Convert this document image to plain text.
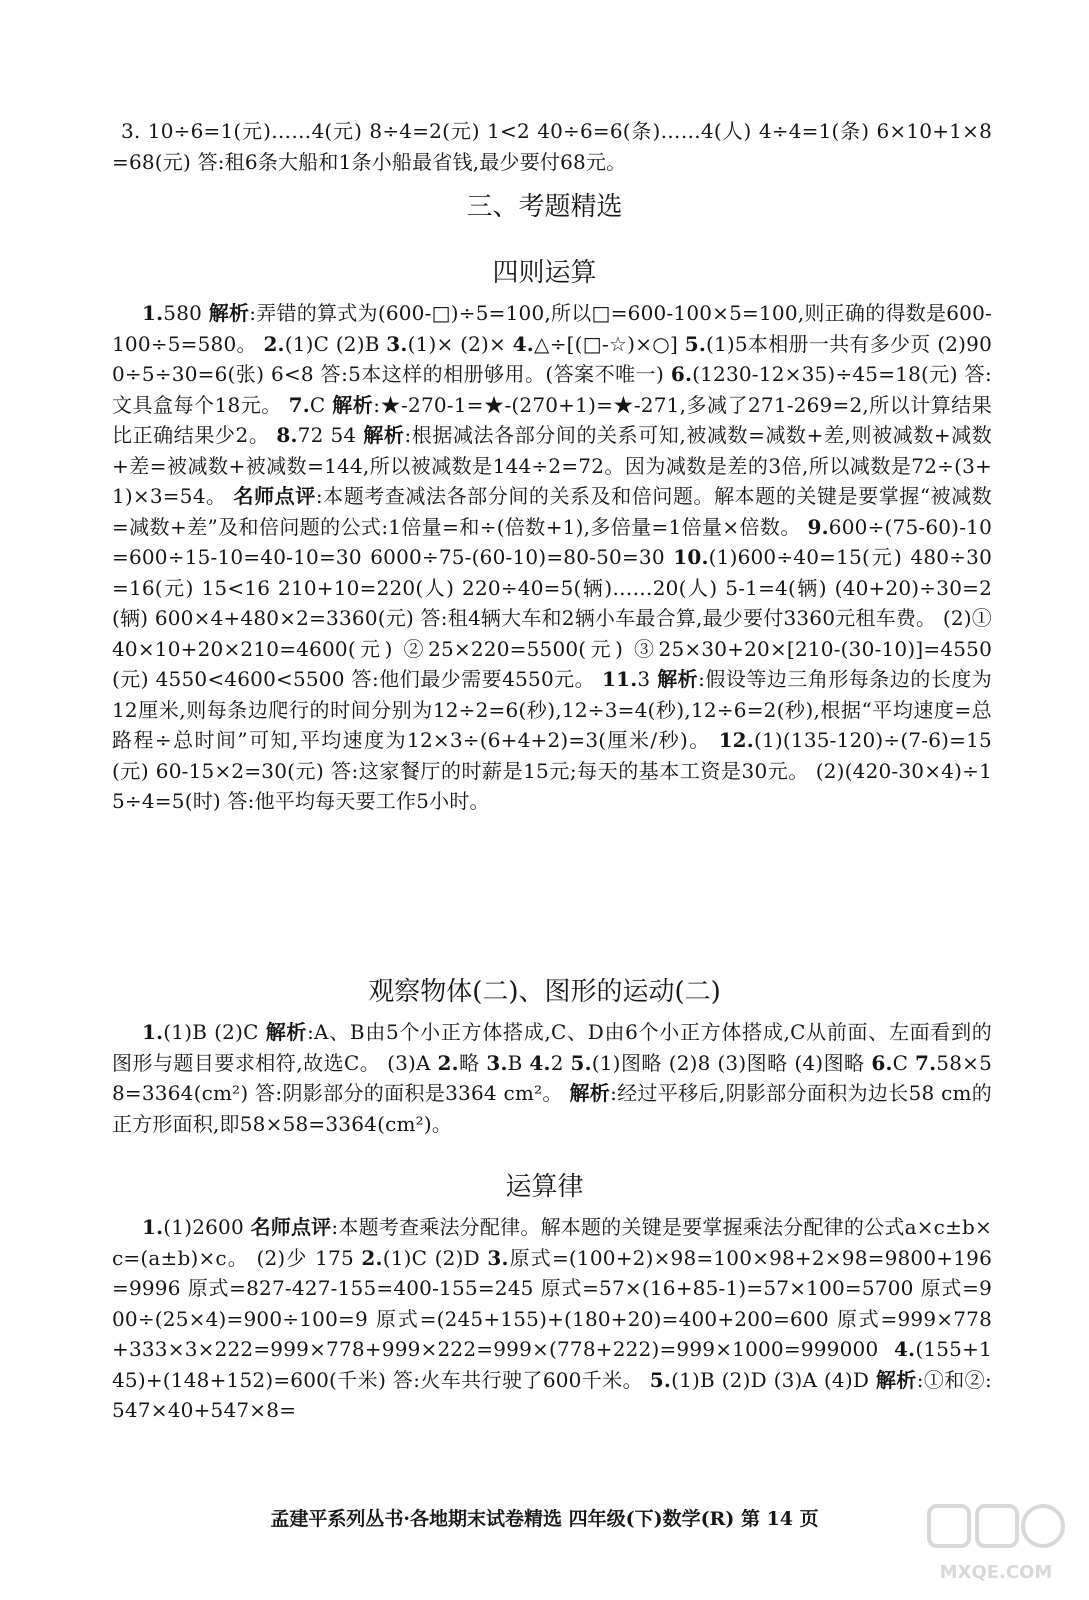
3. 10÷6=1(元)……4(元) 8÷4=2(元) 1<2 40÷6=6(条)……4(人) 4÷4=1(条) 6×10+1×8=68(元) 答:租6条大船和1条小船最省钱,最少要付68元。
三、考题精选
四则运算
1.580 解析:弄错的算式为(600-□)÷5=100,所以□=600-100×5=100,则正确的得数是600-100÷5=580。 2.(1)C (2)B 3.(1)× (2)× 4.△÷[(□-☆)×○] 5.(1)5本相册一共有多少页 (2)900÷5÷30=6(张) 6<8 答:5本这样的相册够用。(答案不唯一) 6.(1230-12×35)÷45=18(元) 答:文具盒每个18元。 7.C 解析:★-270-1=★-(270+1)=★-271,多减了271-269=2,所以计算结果比正确结果少2。 8.72 54 解析:根据减法各部分间的关系可知,被减数=减数+差,则被减数+减数+差=被减数+被减数=144,所以被减数是144÷2=72。因为减数是差的3倍,所以减数是72÷(3+1)×3=54。 名师点评:本题考查减法各部分间的关系及和倍问题。解本题的关键是要掌握“被减数=减数+差”及和倍问题的公式:1倍量=和÷(倍数+1),多倍量=1倍量×倍数。 9.600÷(75-60)-10=600÷15-10=40-10=30 6000÷75-(60-10)=80-50=30 10.(1)600÷40=15(元) 480÷30=16(元) 15<16 210+10=220(人) 220÷40=5(辆)……20(人) 5-1=4(辆) (40+20)÷30=2(辆) 600×4+480×2=3360(元) 答:租4辆大车和2辆小车最合算,最少要付3360元租车费。 (2)①40×10+20×210=4600(元) ②25×220=5500(元) ③25×30+20×[210-(30-10)]=4550(元) 4550<4600<5500 答:他们最少需要4550元。 11.3 解析:假设等边三角形每条边的长度为12厘米,则每条边爬行的时间分别为12÷2=6(秒),12÷3=4(秒),12÷6=2(秒),根据“平均速度=总路程÷总时间”可知,平均速度为12×3÷(6+4+2)=3(厘米/秒)。 12.(1)(135-120)÷(7-6)=15(元) 60-15×2=30(元) 答:这家餐厅的时薪是15元;每天的基本工资是30元。 (2)(420-30×4)÷15÷4=5(时) 答:他平均每天要工作5小时。
观察物体(二)、图形的运动(二)
1.(1)B (2)C 解析:A、B由5个小正方体搭成,C、D由6个小正方体搭成,C从前面、左面看到的图形与题目要求相符,故选C。 (3)A 2.略 3.B 4.2 5.(1)图略 (2)8 (3)图略 (4)图略 6.C 7.58×58=3364(cm²) 答:阴影部分的面积是3364 cm²。 解析:经过平移后,阴影部分面积为边长58 cm的正方形面积,即58×58=3364(cm²)。
运算律
1.(1)2600 名师点评:本题考查乘法分配律。解本题的关键是要掌握乘法分配律的公式a×c±b×c=(a±b)×c。 (2)少 175 2.(1)C (2)D 3.原式=(100+2)×98=100×98+2×98=9800+196=9996 原式=827-427-155=400-155=245 原式=57×(16+85-1)=57×100=5700 原式=900÷(25×4)=900÷100=9 原式=(245+155)+(180+20)=400+200=600 原式=999×778+333×3×222=999×778+999×222=999×(778+222)=999×1000=999000 4.(155+145)+(148+152)=600(千米) 答:火车共行驶了600千米。 5.(1)B (2)D (3)A (4)D 解析:①和②:547×40+547×8=
孟建平系列丛书·各地期末试卷精选 四年级(下)数学(R) 第 14 页
MXQE.COM
